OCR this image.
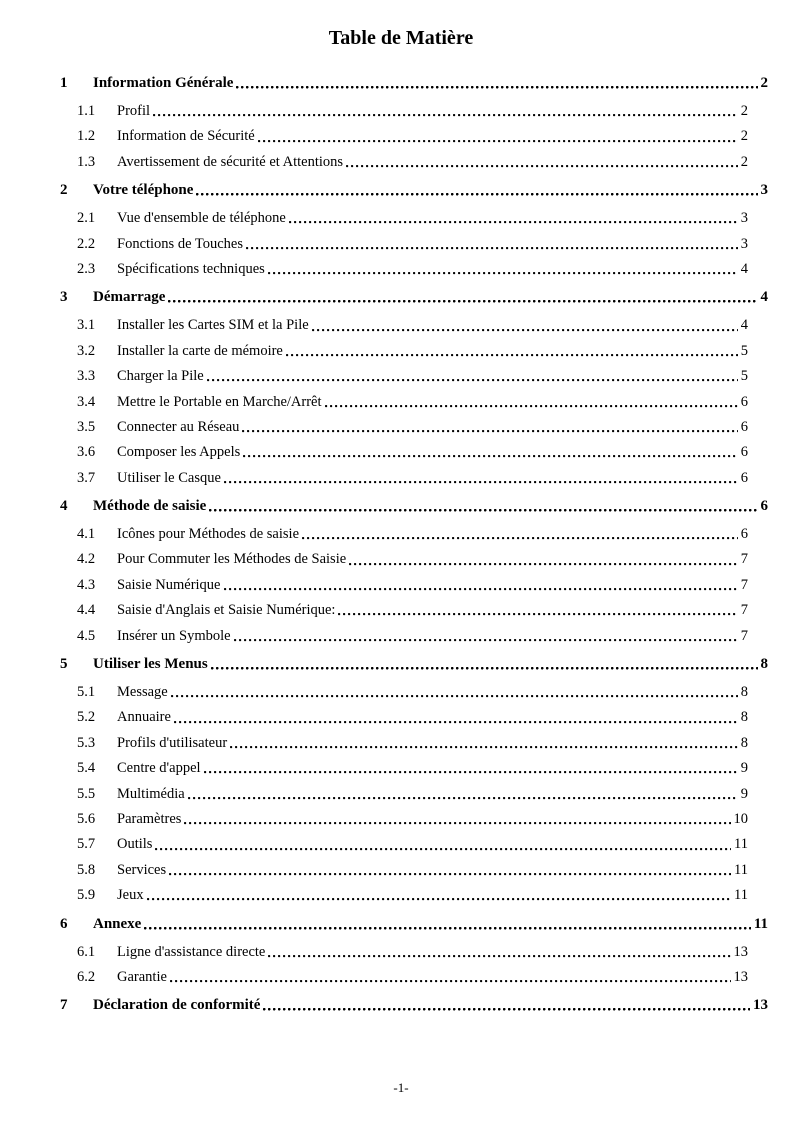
Table de Matière
1	Information Générale	2
1.1	Profil	2
1.2	Information de Sécurité	2
1.3	Avertissement de sécurité et Attentions	2
2	Votre téléphone	3
2.1	Vue d'ensemble de téléphone	3
2.2	Fonctions de Touches	3
2.3	Spécifications techniques	4
3	Démarrage	4
3.1	Installer les Cartes SIM et la Pile	4
3.2	Installer la carte de mémoire	5
3.3	Charger la Pile	5
3.4	Mettre le Portable en Marche/Arrêt	6
3.5	Connecter au Réseau	6
3.6	Composer les Appels	6
3.7	Utiliser le Casque	6
4	Méthode de saisie	6
4.1	Icônes pour Méthodes de saisie	6
4.2	Pour Commuter les Méthodes de Saisie	7
4.3	Saisie Numérique	7
4.4	Saisie d'Anglais et Saisie Numérique:	7
4.5	Insérer un Symbole	7
5	Utiliser les Menus	8
5.1	Message	8
5.2	Annuaire	8
5.3	Profils d'utilisateur	8
5.4	Centre d'appel	9
5.5	Multimédia	9
5.6	Paramètres	10
5.7	Outils	11
5.8	Services	11
5.9	Jeux	11
6	Annexe	11
6.1	Ligne d'assistance directe	13
6.2	Garantie	13
7	Déclaration de conformité	13
-1-
